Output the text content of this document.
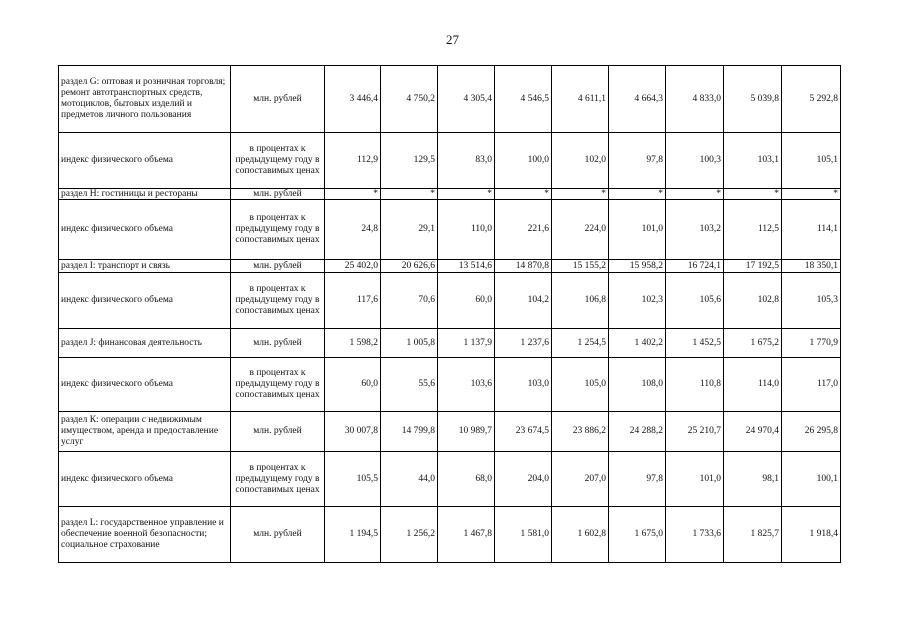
27
раздел G: оптовая и розничная торговля; ремонт автотранспортных средств, мотоциклов, бытовых изделий и предметов личного пользования	млн. рублей	3 446,4	4 750,2	4 305,4	4 546,5	4 611,1	4 664,3	4 833,0	5 039,8	5 292,8
индекс физического объема	в процентах к предыдущему году в сопоставимых ценах	112,9	129,5	83,0	100,0	102,0	97,8	100,3	103,1	105,1
раздел Н: гостиницы и рестораны	млн. рублей	*	*	*	*	*	*	*	*	*
индекс физического объема	в процентах к предыдущему году в сопоставимых ценах	24,8	29,1	110,0	221,6	224,0	101,0	103,2	112,5	114,1
раздел I: транспорт и связь	млн. рублей	25 402,0	20 626,6	13 514,6	14 870,8	15 155,2	15 958,2	16 724,1	17 192,5	18 350,1
индекс физического объема	в процентах к предыдущему году в сопоставимых ценах	117,6	70,6	60,0	104,2	106,8	102,3	105,6	102,8	105,3
раздел J: финансовая деятельность	млн. рублей	1 598,2	1 005,8	1 137,9	1 237,6	1 254,5	1 402,2	1 452,5	1 675,2	1 770,9
индекс физического объема	в процентах к предыдущему году в сопоставимых ценах	60,0	55,6	103,6	103,0	105,0	108,0	110,8	114,0	117,0
раздел К: операции с недвижимым имуществом, аренда и предоставление услуг	млн. рублей	30 007,8	14 799,8	10 989,7	23 674,5	23 886,2	24 288,2	25 210,7	24 970,4	26 295,8
индекс физического объема	в процентах к предыдущему году в сопоставимых ценах	105,5	44,0	68,0	204,0	207,0	97,8	101,0	98,1	100,1
раздел L: государственное управление и обеспечение военной безопасности; социальное страхование	млн. рублей	1 194,5	1 256,2	1 467,8	1 581,0	1 602,8	1 675,0	1 733,6	1 825,7	1 918,4
